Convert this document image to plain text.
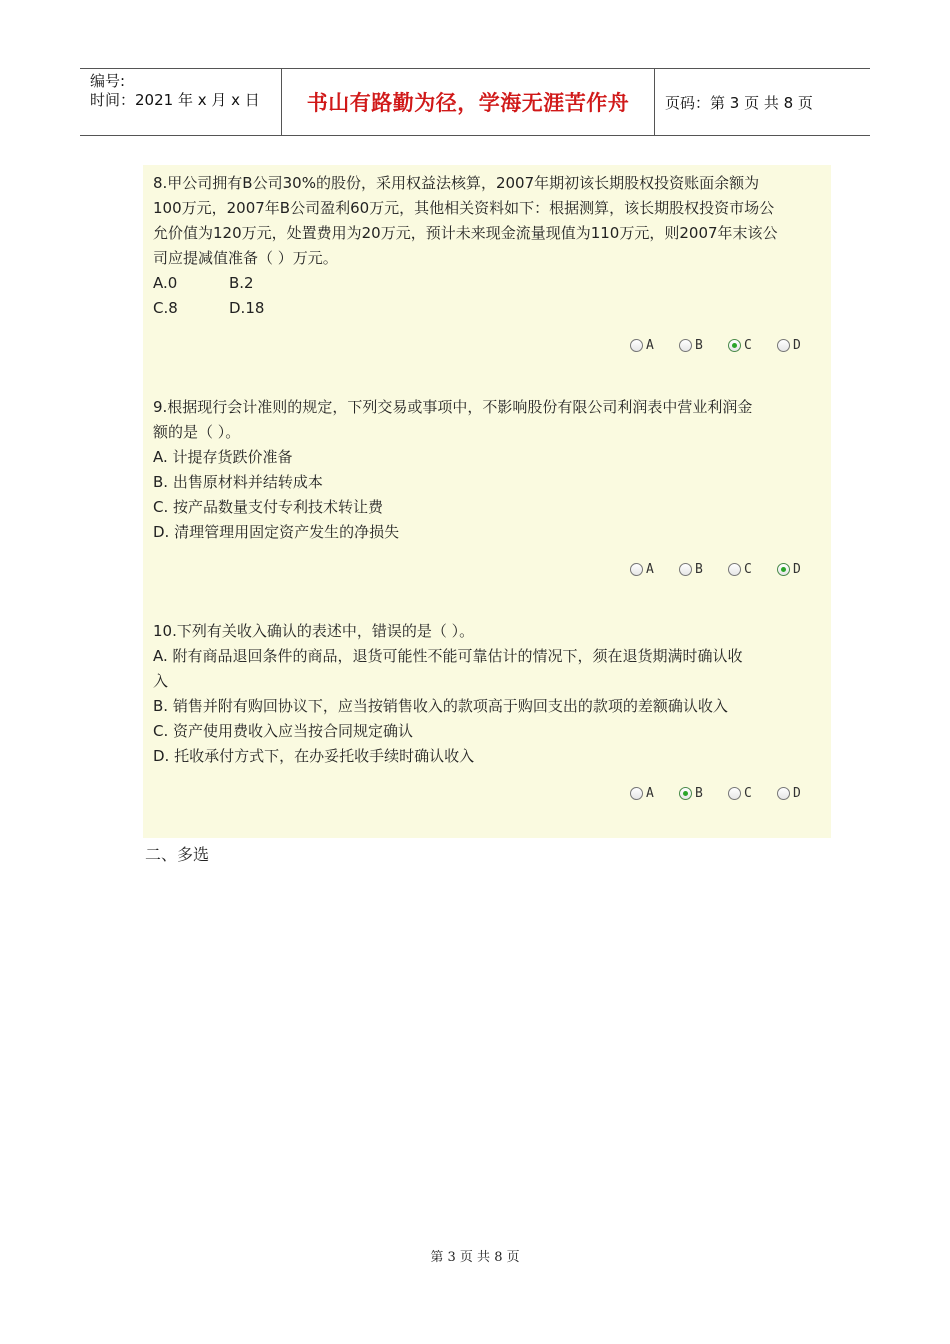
编号:
时间：2021 年 x 月 x 日	书山有路勤为径，学海无涯苦作舟	页码：第 3 页 共 8 页

8.甲公司拥有B公司30%的股份，采用权益法核算，2007年期初该长期股权投资账面余额为

100万元，2007年B公司盈利60万元，其他相关资料如下：根据测算，该长期股权投资市场公

允价值为120万元，处置费用为20万元，预计未来现金流量现值为110万元，则2007年末该公

司应提减值准备（ ）万元。

A.0	B.2
C.8	D.18
A	B	C	D

9.根据现行会计准则的规定，下列交易或事项中，不影响股份有限公司利润表中营业利润金

额的是（ ）。

A. 计提存货跌价准备

B. 出售原材料并结转成本

C. 按产品数量支付专利技术转让费

D. 清理管理用固定资产发生的净损失

A	B	C	D

10.下列有关收入确认的表述中，错误的是（ ）。

A. 附有商品退回条件的商品，退货可能性不能可靠估计的情况下，须在退货期满时确认收

入

B. 销售并附有购回协议下，应当按销售收入的款项高于购回支出的款项的差额确认收入

C. 资产使用费收入应当按合同规定确认

D. 托收承付方式下，在办妥托收手续时确认收入

A	B	C	D
二、多选
第 3 页 共 8 页
